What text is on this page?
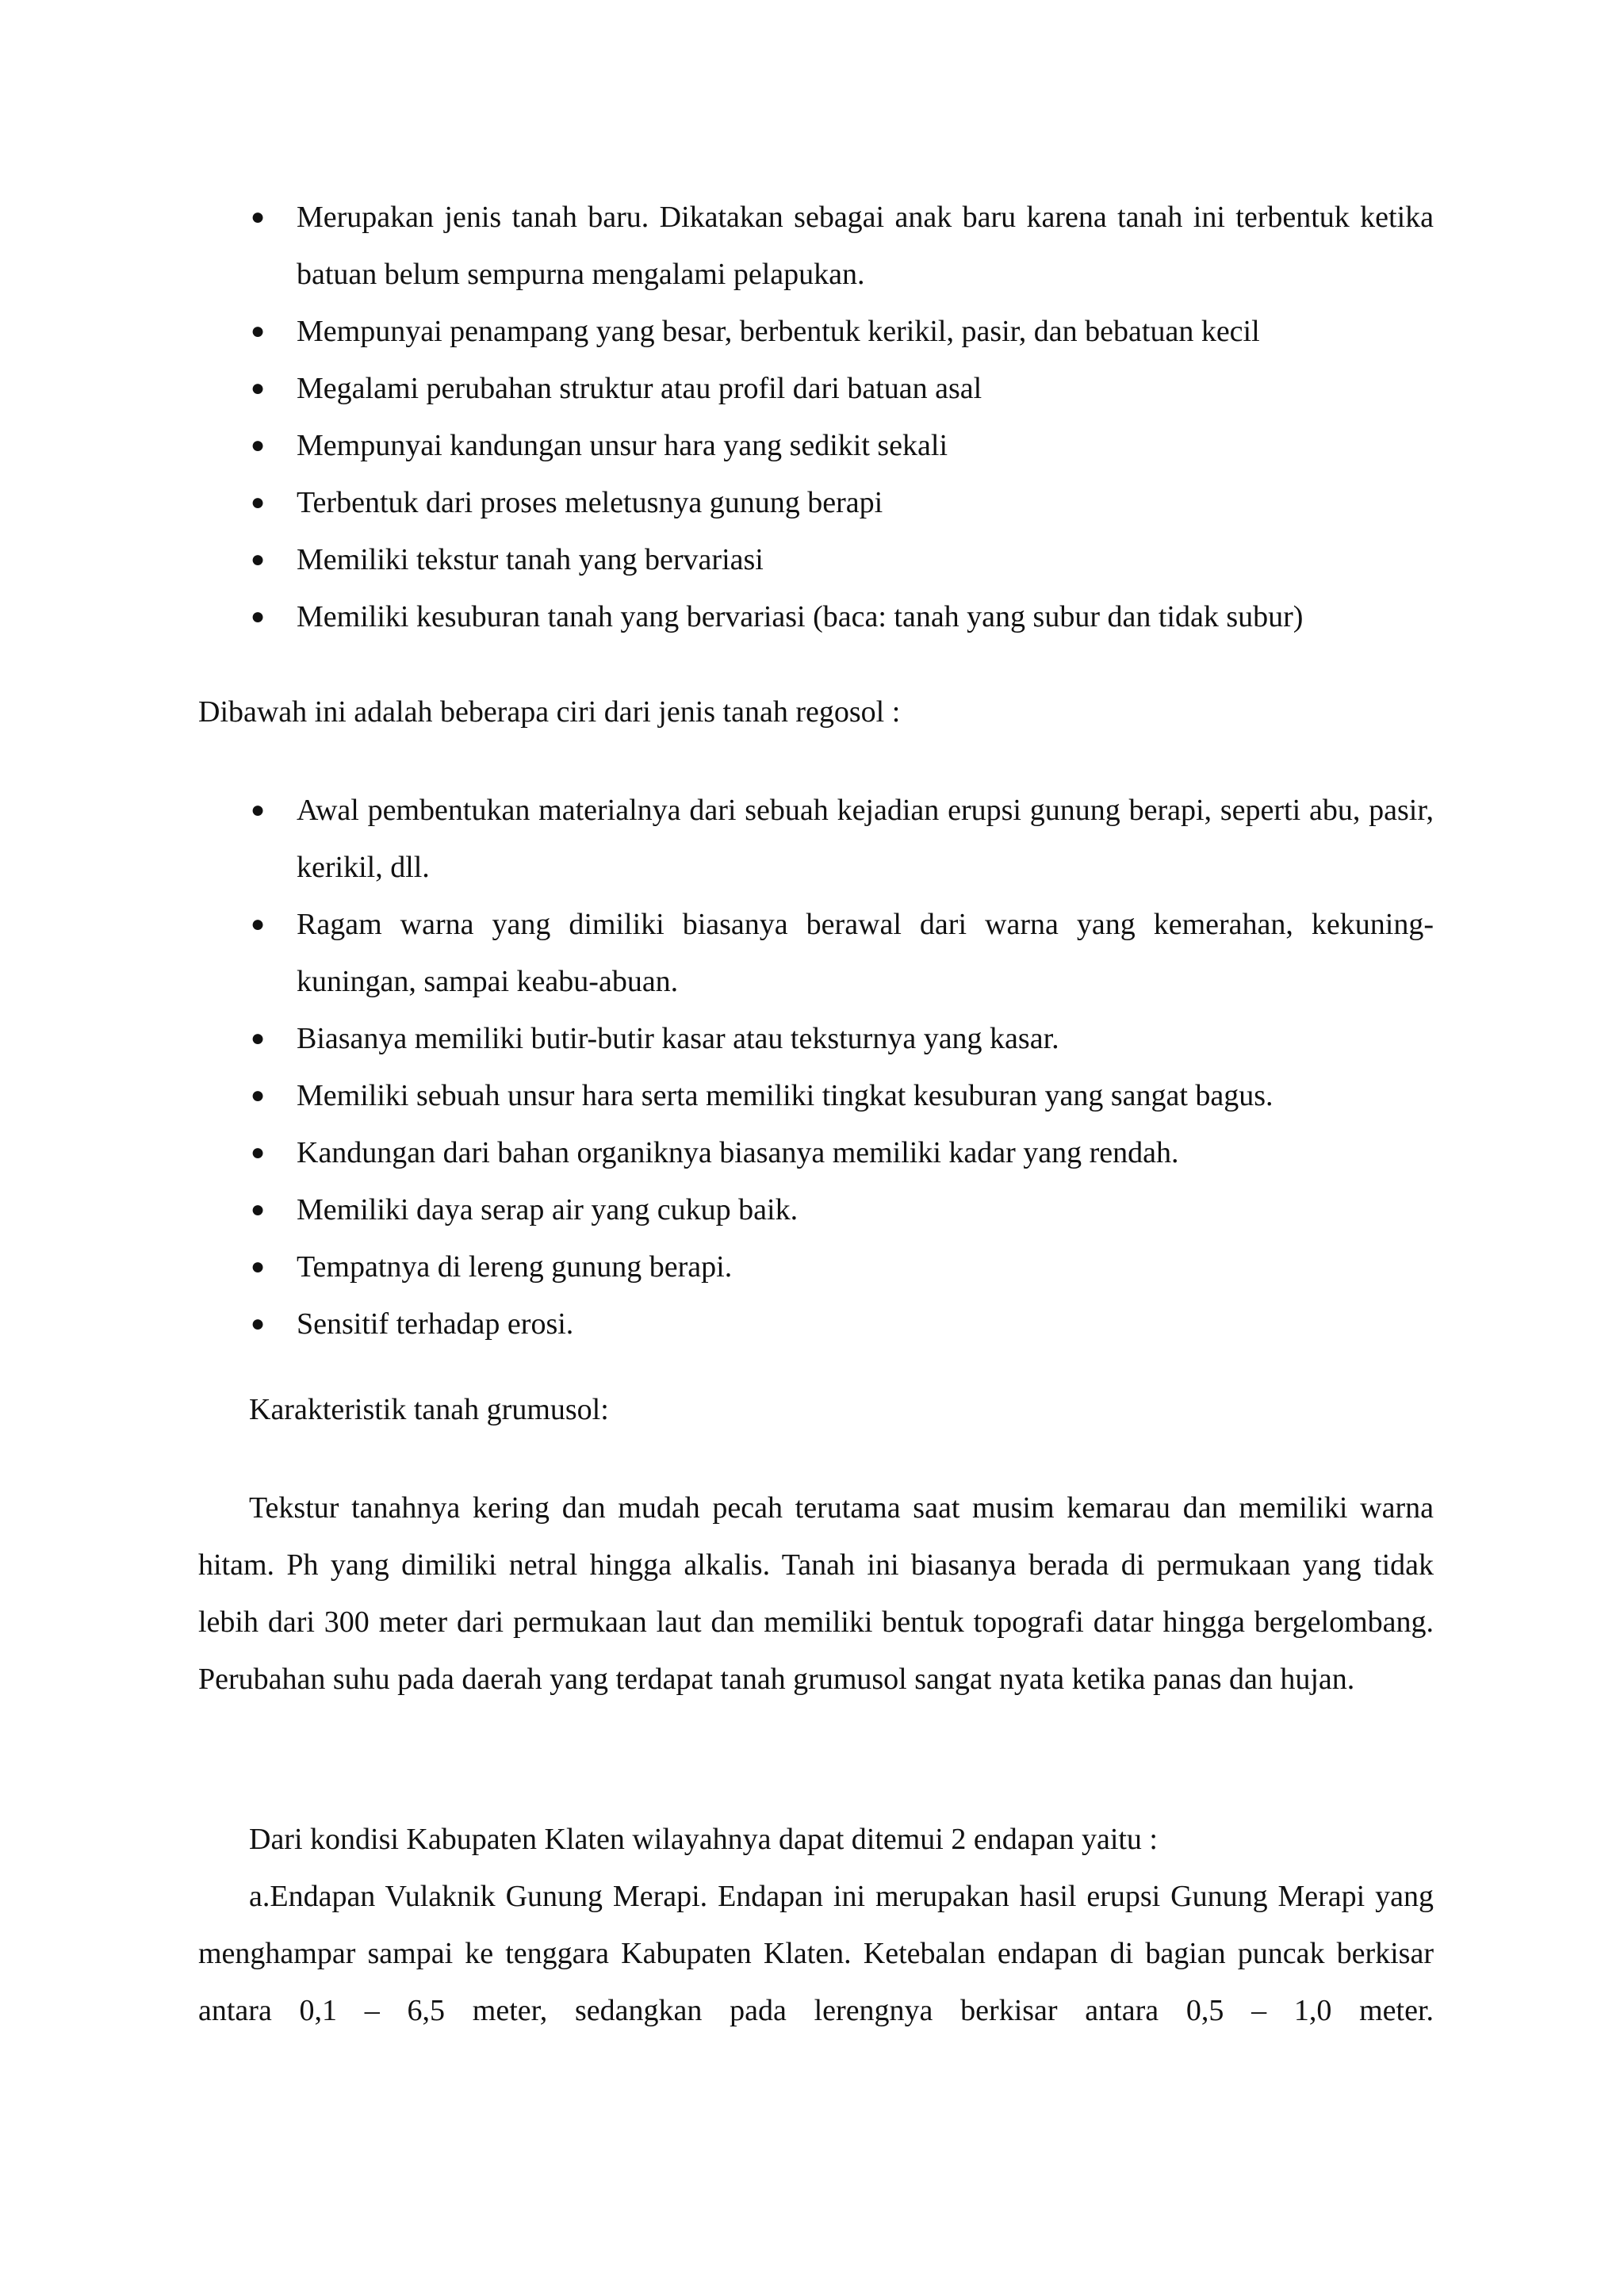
● Merupakan jenis tanah baru. Dikatakan sebagai anak baru karena tanah ini terbentuk ketika batuan belum sempurna mengalami pelapukan.
● Mempunyai penampang yang besar, berbentuk kerikil, pasir, dan bebatuan kecil
● Megalami perubahan struktur atau profil dari batuan asal
● Mempunyai kandungan unsur hara yang sedikit sekali
● Terbentuk dari proses meletusnya gunung berapi
● Memiliki tekstur tanah yang bervariasi
● Memiliki kesuburan tanah yang bervariasi (baca: tanah yang subur dan tidak subur)

Dibawah ini adalah beberapa ciri dari jenis tanah regosol :

● Awal pembentukan materialnya dari sebuah kejadian erupsi gunung berapi, seperti abu, pasir, kerikil, dll.
● Ragam warna yang dimiliki biasanya berawal dari warna yang kemerahan, kekuning-kuningan, sampai keabu-abuan.
● Biasanya memiliki butir-butir kasar atau teksturnya yang kasar.
● Memiliki sebuah unsur hara serta memiliki tingkat kesuburan yang sangat bagus.
● Kandungan dari bahan organiknya biasanya memiliki kadar yang rendah.
● Memiliki daya serap air yang cukup baik.
● Tempatnya di lereng gunung berapi.
● Sensitif terhadap erosi.

Karakteristik tanah grumusol:

Tekstur tanahnya kering dan mudah pecah terutama saat musim kemarau dan memiliki warna hitam. Ph yang dimiliki netral hingga alkalis. Tanah ini biasanya berada di permukaan yang tidak lebih dari 300 meter dari permukaan laut dan memiliki bentuk topografi datar hingga bergelombang. Perubahan suhu pada daerah yang terdapat tanah grumusol sangat nyata ketika panas dan hujan.

Dari kondisi Kabupaten Klaten wilayahnya dapat ditemui 2 endapan yaitu :

a.Endapan Vulaknik Gunung Merapi. Endapan ini merupakan hasil erupsi Gunung Merapi yang menghampar sampai ke tenggara Kabupaten Klaten. Ketebalan endapan di bagian puncak berkisar antara 0,1 – 6,5 meter, sedangkan pada lerengnya berkisar antara 0,5 – 1,0 meter.
